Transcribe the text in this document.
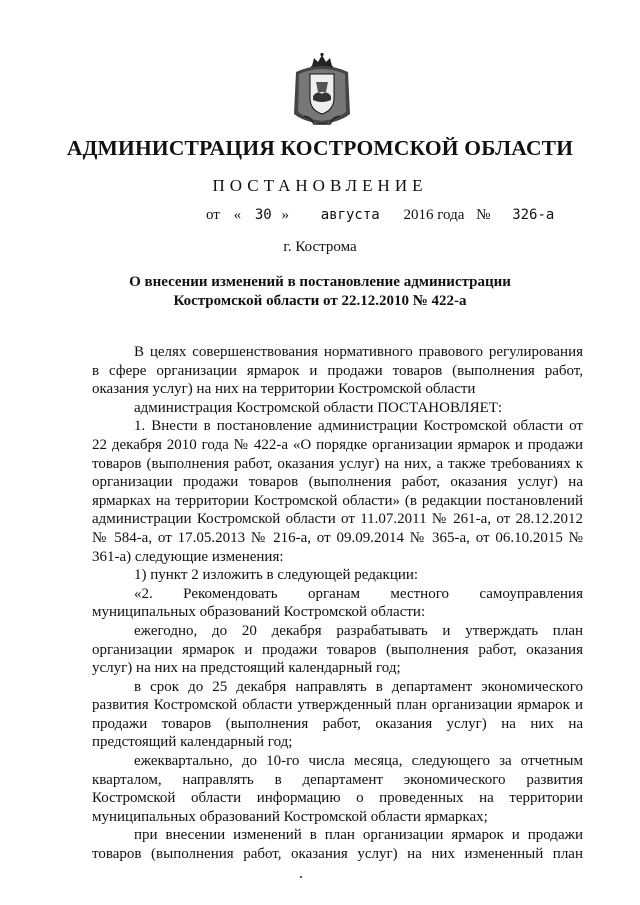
АДМИНИСТРАЦИЯ КОСТРОМСКОЙ ОБЛАСТИ
ПОСТАНОВЛЕНИЕ
от « 30 » августа 2016 года № 326-а
г. Кострома
О внесении изменений в постановление администрации
Костромской области от 22.12.2010 № 422-а

В целях совершенствования нормативного правового регулирования в сфере организации ярмарок и продажи товаров (выполнения работ, оказания услуг) на них на территории Костромской области

администрация Костромской области ПОСТАНОВЛЯЕТ:

1. Внести в постановление администрации Костромской области от 22 декабря 2010 года № 422-а «О порядке организации ярмарок и продажи товаров (выполнения работ, оказания услуг) на них, а также требованиях к организации продажи товаров (выполнения работ, оказания услуг) на ярмарках на территории Костромской области» (в редакции постановлений администрации Костромской области от 11.07.2011 № 261-а, от 28.12.2012 № 584-а, от 17.05.2013 № 216-а, от 09.09.2014 № 365-а, от 06.10.2015 № 361-а) следующие изменения:

1) пункт 2 изложить в следующей редакции:

«2. Рекомендовать органам местного самоуправления муниципальных образований Костромской области:

ежегодно, до 20 декабря разрабатывать и утверждать план организации ярмарок и продажи товаров (выполнения работ, оказания услуг) на них на предстоящий календарный год;

в срок до 25 декабря направлять в департамент экономического развития Костромской области утвержденный план организации ярмарок и продажи товаров (выполнения работ, оказания услуг) на них на предстоящий календарный год;

ежеквартально, до 10-го числа месяца, следующего за отчетным кварталом, направлять в департамент экономического развития Костромской области информацию о проведенных на территории муниципальных образований Костромской области ярмарках;

при внесении изменений в план организации ярмарок и продажи товаров (выполнения работ, оказания услуг) на них измененный план
